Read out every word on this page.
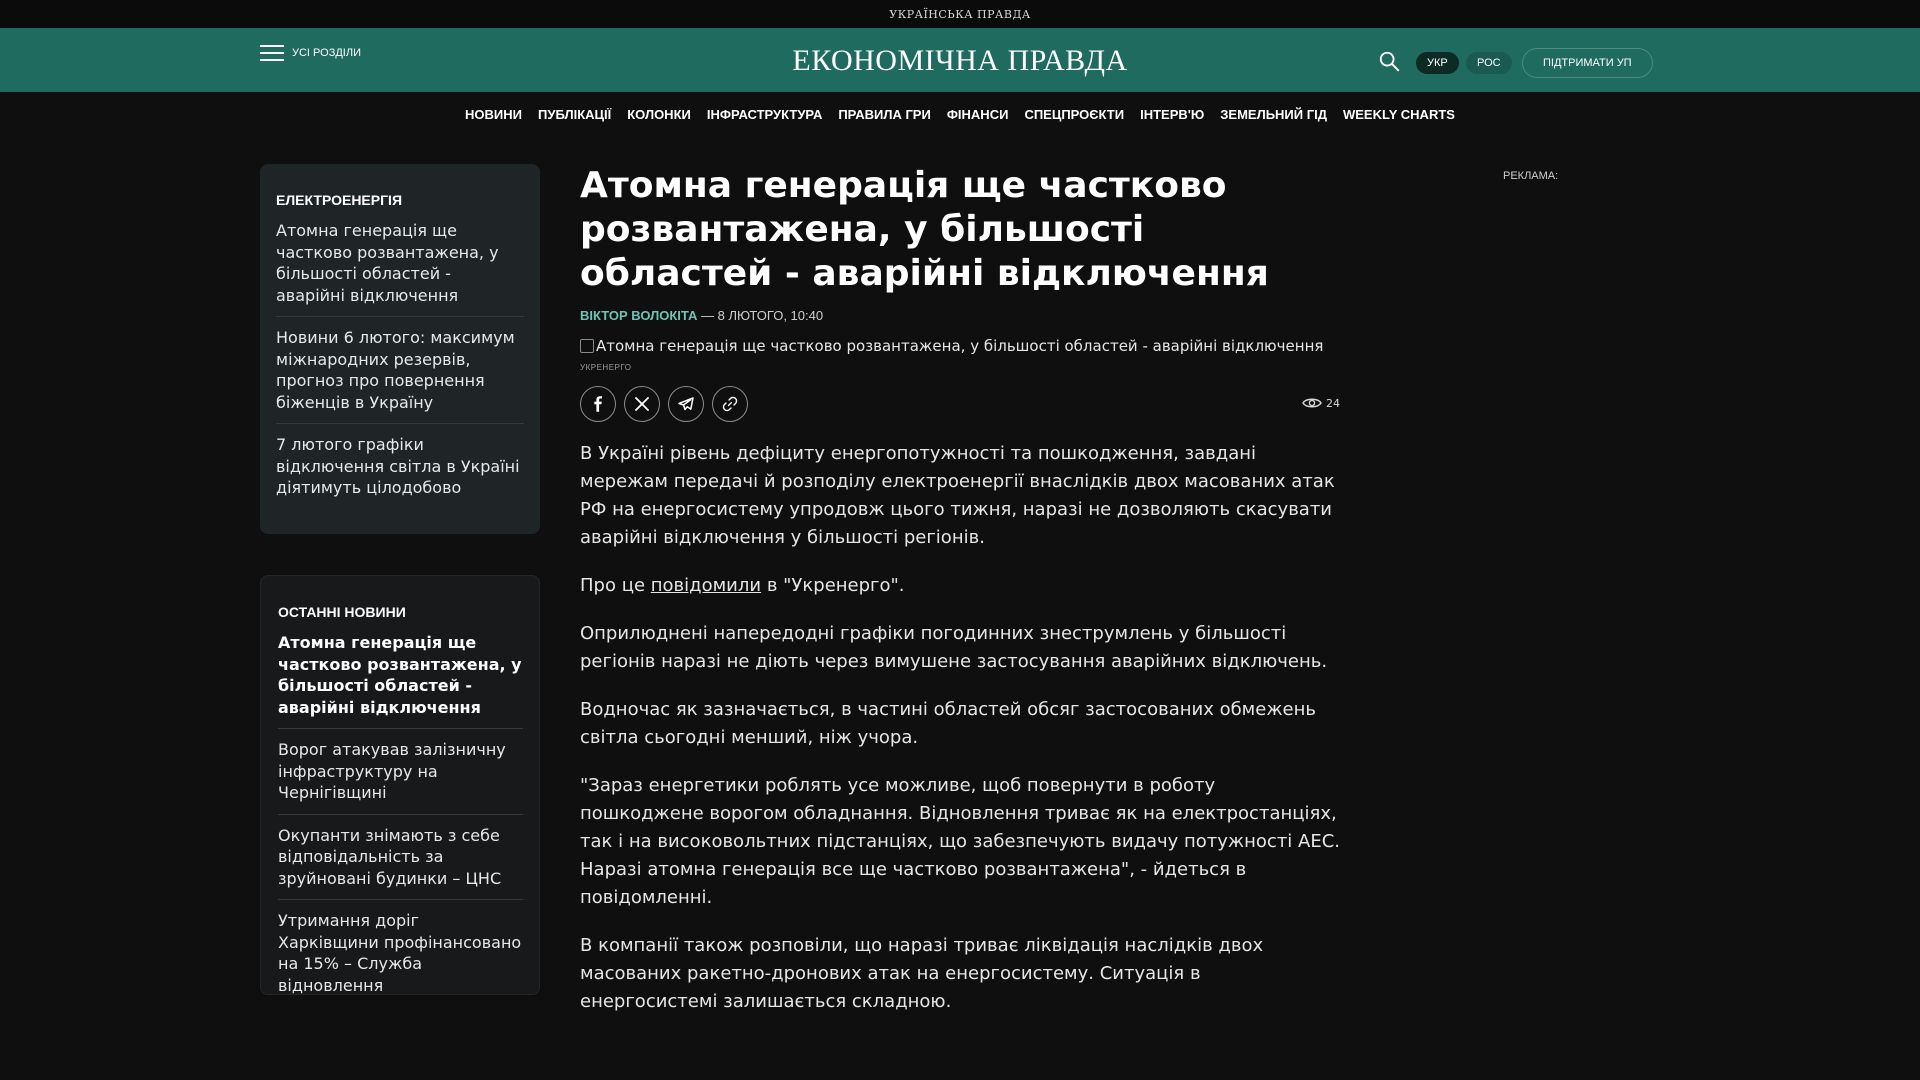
УКРАЇНСЬКА ПРАВДА
УСІ РОЗДІЛИ	ЕКОНОМІЧНА ПРАВДА	УКР	РОС	ПІДТРИМАТИ УП
НОВИНИ ПУБЛІКАЦІЇ КОЛОНКИ ІНФРАСТРУКТУРА ПРАВИЛА ГРИ ФІНАНСИ СПЕЦПРОЄКТИ ІНТЕРВ'Ю ЗЕМЕЛЬНИЙ ГІД WEEKLY CHARTS
ЕЛЕКТРОЕНЕРГІЯ
Атомна генерація ще частково розвантажена, у більшості областей - аварійні відключення
Новини 6 лютого: максимум міжнародних резервів, прогноз про повернення біженців в Україну
7 лютого графіки відключення світла в Україні діятимуть цілодобово
ОСТАННІ НОВИНИ
Атомна генерація ще частково розвантажена, у більшості областей - аварійні відключення
Ворог атакував залізничну інфраструктуру на Чернігівщині
Окупанти знімають з себе відповідальність за зруйновані будинки – ЦНС
Утримання доріг Харківщини профінансовано на 15% – Служба відновлення
Атомна генерація ще частково розвантажена, у більшості областей - аварійні відключення
ВІКТОР ВОЛОКІТА — 8 ЛЮТОГО, 10:40
Атомна генерація ще частково розвантажена, у більшості областей - аварійні відключення
УКРЕНЕРГО
24

В Україні рівень дефіциту енергопотужності та пошкодження, завдані мережам передачі й розподілу електроенергії внаслідків двох масованих атак РФ на енергосистему упродовж цього тижня, наразі не дозволяють скасувати аварійні відключення у більшості регіонів.

Про це повідомили в "Укренерго".

Оприлюднені напередодні графіки погодинних знеструмлень у більшості регіонів наразі не діють через вимушене застосування аварійних відключень.

Водночас як зазначається, в частині областей обсяг застосованих обмежень світла сьогодні менший, ніж учора.

"Зараз енергетики роблять усе можливе, щоб повернути в роботу пошкоджене ворогом обладнання. Відновлення триває як на електростанціях, так і на високовольтних підстанціях, що забезпечують видачу потужності АЕС. Наразі атомна генерація все ще частково розвантажена", - йдеться в повідомленні.

В компанії також розповіли, що наразі триває ліквідація наслідків двох масованих ракетно-дронових атак на енергосистему. Ситуація в енергосистемі залишається складною.

РЕКЛАМА:
